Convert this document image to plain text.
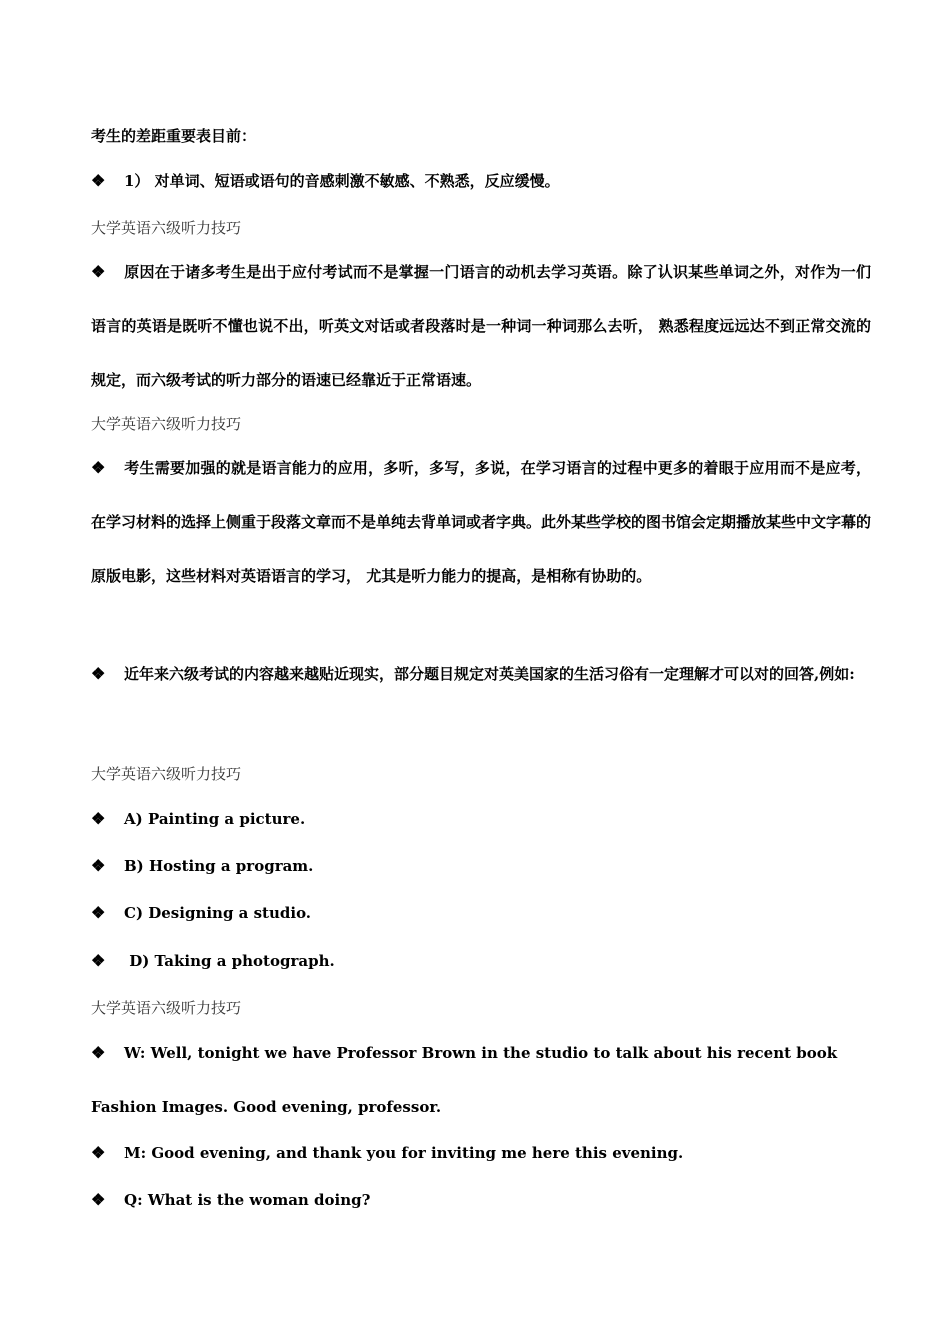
考生的差距重要表目前：
❖ 1） 对单词、短语或语句的音感刺激不敏感、不熟悉，反应缓慢。
大学英语六级听力技巧
❖ 原因在于诸多考生是出于应付考试而不是掌握一门语言的动机去学习英语。除了认识某些单词之外，对作为一们语言的英语是既听不懂也说不出，听英文对话或者段落时是一种词一种词那么去听， 熟悉程度远远达不到正常交流的规定，而六级考试的听力部分的语速已经靠近于正常语速。
大学英语六级听力技巧
❖ 考生需要加强的就是语言能力的应用，多听，多写，多说，在学习语言的过程中更多的着眼于应用而不是应考，在学习材料的选择上侧重于段落文章而不是单纯去背单词或者字典。此外某些学校的图书馆会定期播放某些中文字幕的原版电影，这些材料对英语语言的学习， 尤其是听力能力的提高，是相称有协助的。
❖ 近年来六级考试的内容越来越贴近现实，部分题目规定对英美国家的生活习俗有一定理解才可以对的回答,例如:
大学英语六级听力技巧
❖ A) Painting a picture.
❖ B) Hosting a program.
❖ C) Designing a studio.
❖ D) Taking a photograph.
大学英语六级听力技巧
❖ W: Well, tonight we have Professor Brown in the studio to talk about his recent book Fashion Images. Good evening, professor.
❖ M: Good evening, and thank you for inviting me here this evening.
❖ Q: What is the woman doing?
